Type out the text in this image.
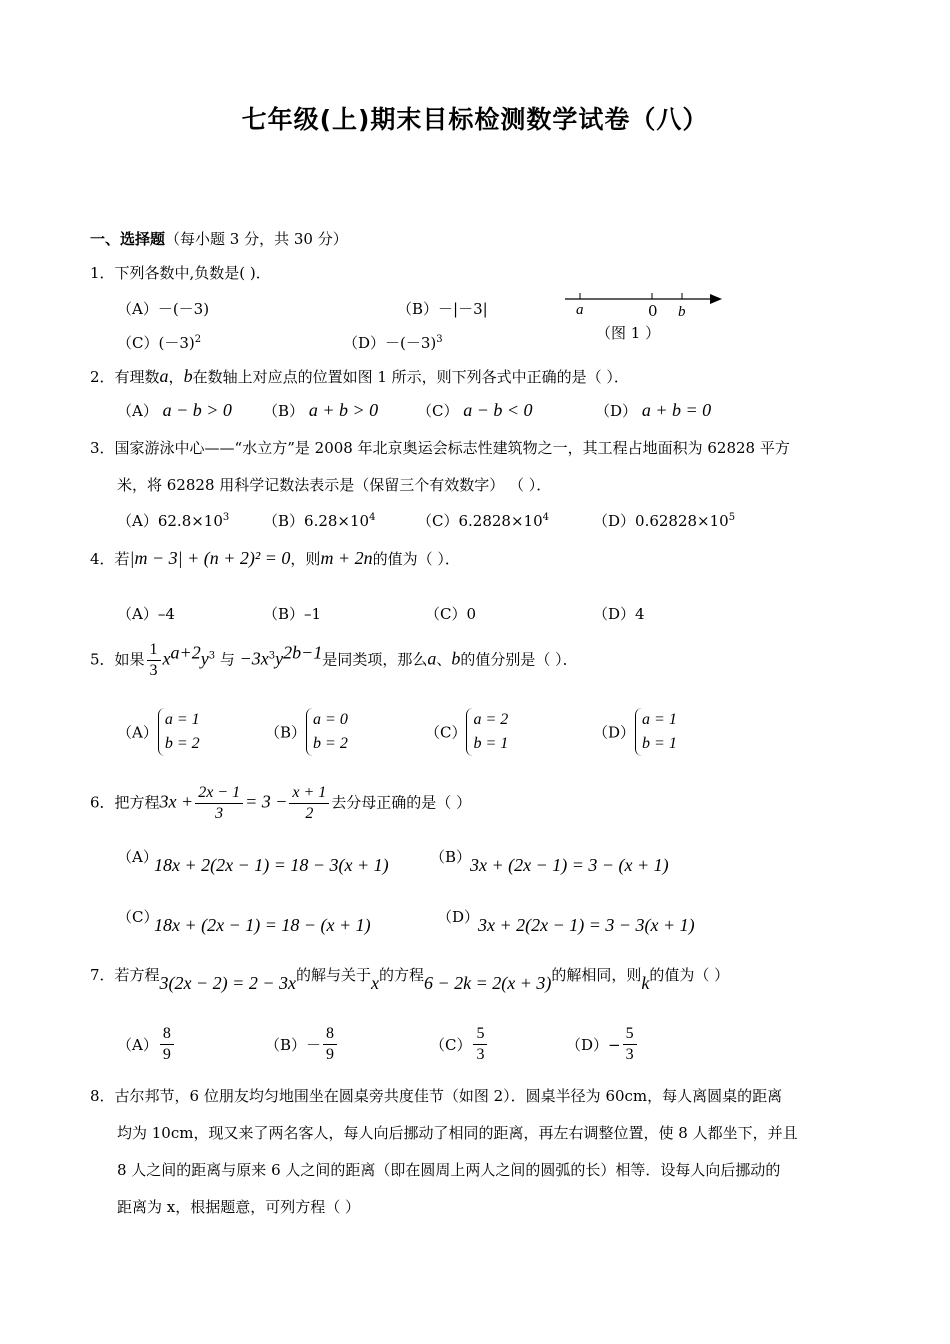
七年级(上)期末目标检测数学试卷（八）
一、选择题（每小题 3 分，共 30 分）
1．下列各数中,负数是( )．
（A）－(－3)	（B）－|－3|
$(C)(-3)^2$	$(D)-(-3)^3$
a	0 b
（图 1 ）
2．有理数a，b在数轴上对应点的位置如图 1 所示，则下列各式中正确的是（ ）．
（A） a − b > 0 （B） a + b > 0	（C） a − b < 0	（D） a + b = 0
3．国家游泳中心——“水立方”是 2008 年北京奥运会标志性建筑物之一，其工程占地面积为 62828 平方
米，将 62828 用科学记数法表示是（保留三个有效数字） （ ）．
$(A)62.8\times 10^3$ $(B)6.28\times 10^4$	$(C)6.2828\times 10^4$	$(D)0.62828\times 10^5$
4．若|m − 3| + (n + 2)² = 0，则m + 2n的值为（ ）．
（A）–4	（B）–1	（C）0	（D）4
5．如果 $\frac{1}{3} x^{a+2}y^3$ 与 $-3x^3y^{2b-1}$是同类项，那么a、b的值分别是（ ）．
（A）a = 1
b = 2
（B）a = 0
b = 2
（C）a = 2
b = 1
（D）a = 1
b = 1
6．把方程$3x + \frac{2x - 1}{3} = 3 - \frac{x + 1}{2}$ 去分母正确的是（ ）
（A）
18x + 2(2x − 1) = 18 − 3(x + 1)	（B）
3x + (2x − 1) = 3 − (x + 1)
（C）
18x + (2x − 1) = 18 − (x + 1)	（D）
3x + 2(2x − 1) = 3 − 3(x + 1)
7．若方程3(2x − 2) = 2 − 3x的解与关于x的方程6 − 2k = 2(x + 3)的解相同，则k的值为（ ）
$(A) \frac{8}{9}$	$(B)- \frac{8}{9}$	$(C) \frac{5}{3}$	$(D)- \frac{5}{3}$
8．古尔邦节，6 位朋友均匀地围坐在圆桌旁共度佳节（如图 2）．圆桌半径为 60cm，每人离圆桌的距离
均为 10cm，现又来了两名客人，每人向后挪动了相同的距离，再左右调整位置，使 8 人都坐下，并且
8 人之间的距离与原来 6 人之间的距离（即在圆周上两人之间的圆弧的长）相等．设每人向后挪动的
距离为 x，根据题意，可列方程（ ）
